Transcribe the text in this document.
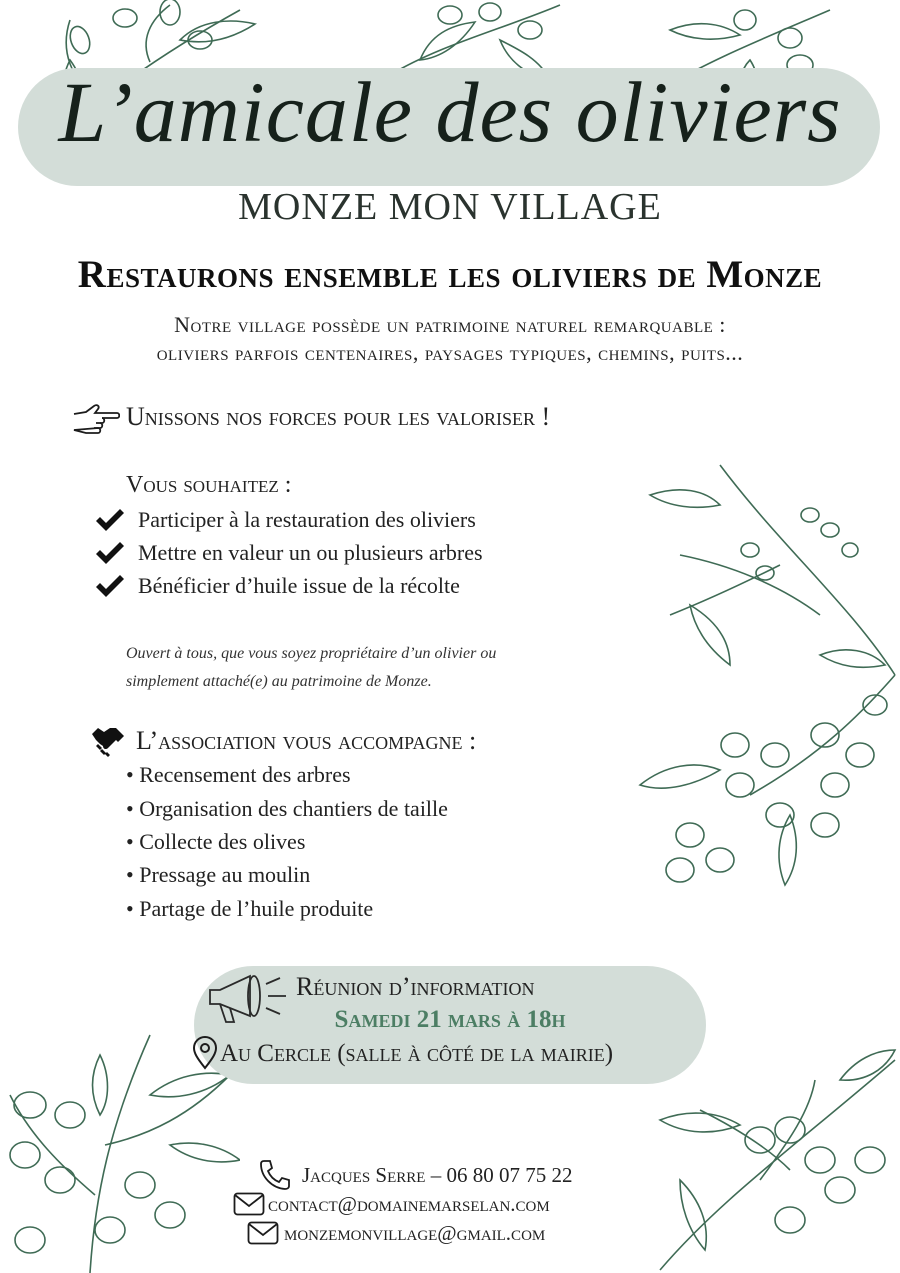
L’amicale des oliviers
MONZE MON VILLAGE
Restaurons ensemble les oliviers de Monze
Notre village possède un patrimoine naturel remarquable :
oliviers parfois centenaires, paysages typiques, chemins, puits...
Unissons nos forces pour les valoriser !
Vous souhaitez :
Participer à la restauration des oliviers
Mettre en valeur un ou plusieurs arbres
Bénéficier d’huile issue de la récolte
Ouvert à tous, que vous soyez propriétaire d’un olivier ou
simplement attaché(e) au patrimoine de Monze.
L’association vous accompagne :
• Recensement des arbres
• Organisation des chantiers de taille
• Collecte des olives
• Pressage au moulin
• Partage de l’huile produite
Réunion d’information
Samedi 21 mars à 18h
Au Cercle (salle à côté de la mairie)
Jacques Serre – 06 80 07 75 22
contact@domainemarselan.com
monzemonvillage@gmail.com
